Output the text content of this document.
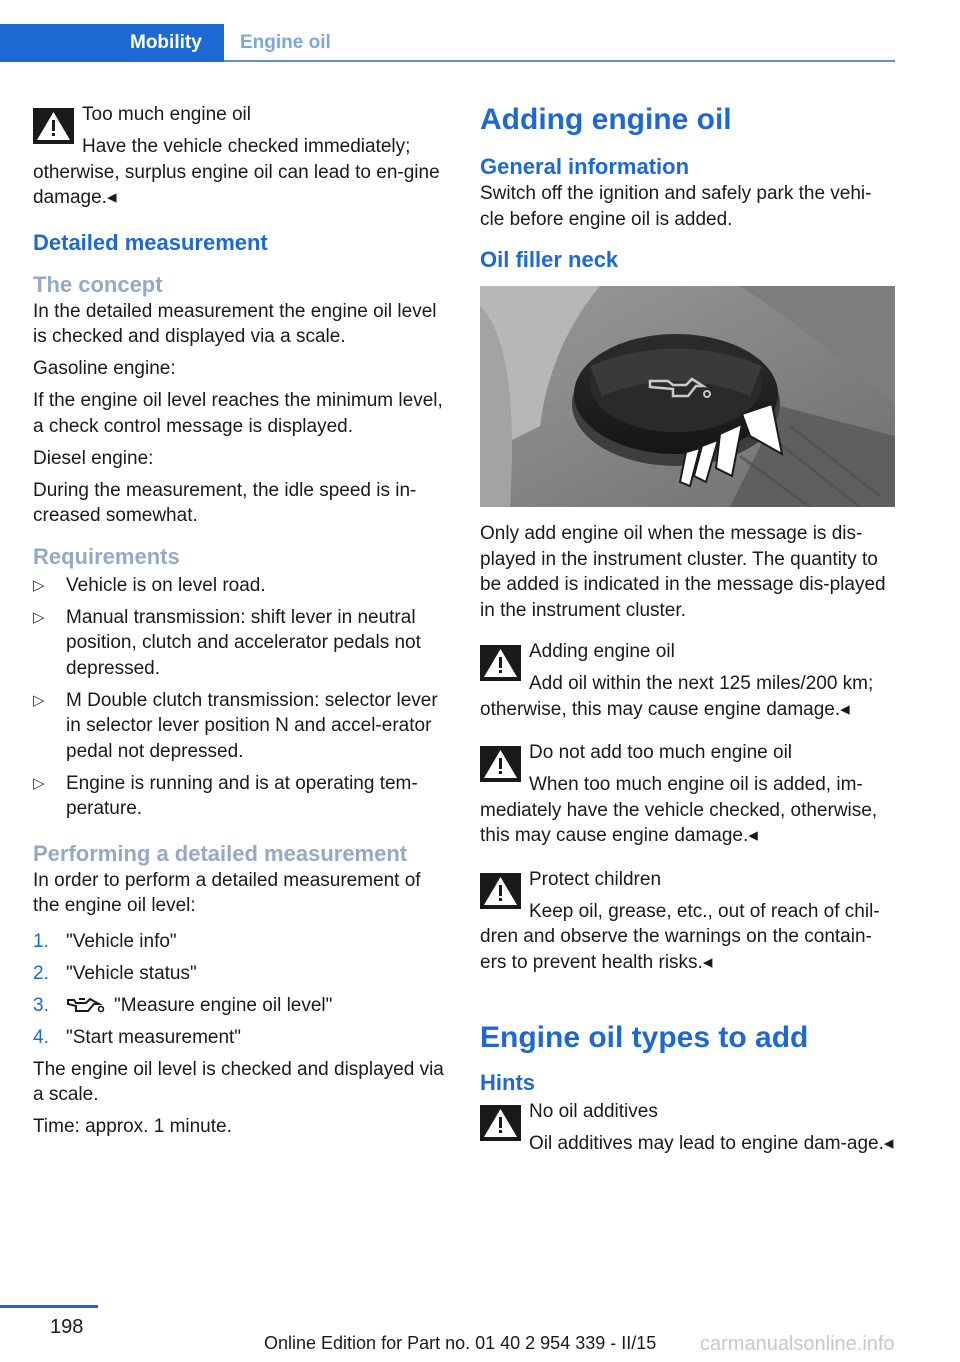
Mobility Engine oil
Too much engine oil
Have the vehicle checked immediately; otherwise, surplus engine oil can lead to en‐gine damage.◂
Detailed measurement
The concept

In the detailed measurement the engine oil level is checked and displayed via a scale.

Gasoline engine:

If the engine oil level reaches the minimum level, a check control message is displayed.

Diesel engine:

During the measurement, the idle speed is in‐creased somewhat.

Requirements
▷ Vehicle is on level road.
▷ Manual transmission: shift lever in neutral position, clutch and accelerator pedals not depressed.
▷ M Double clutch transmission: selector lever in selector lever position N and accel‐erator pedal not depressed.
▷ Engine is running and is at operating tem‐perature.
Performing a detailed measurement

In order to perform a detailed measurement of the engine oil level:

1. "Vehicle info"
2. "Vehicle status"
3.	"Measure engine oil level"
4. "Start measurement"

The engine oil level is checked and displayed via a scale.

Time: approx. 1 minute.

Adding engine oil
General information

Switch off the ignition and safely park the vehi‐cle before engine oil is added.

Oil filler neck

Only add engine oil when the message is dis‐played in the instrument cluster. The quantity to be added is indicated in the message dis‐played in the instrument cluster.

Adding engine oil
Add oil within the next 125 miles/200 km; otherwise, this may cause engine damage.◂
Do not add too much engine oil
When too much engine oil is added, im‐mediately have the vehicle checked, otherwise, this may cause engine damage.◂
Protect children
Keep oil, grease, etc., out of reach of chil‐dren and observe the warnings on the contain‐ers to prevent health risks.◂
Engine oil types to add
Hints
No oil additives
Oil additives may lead to engine dam‐age.◂
198
Online Edition for Part no. 01 40 2 954 339 - II/15 carmanualsonline.info
